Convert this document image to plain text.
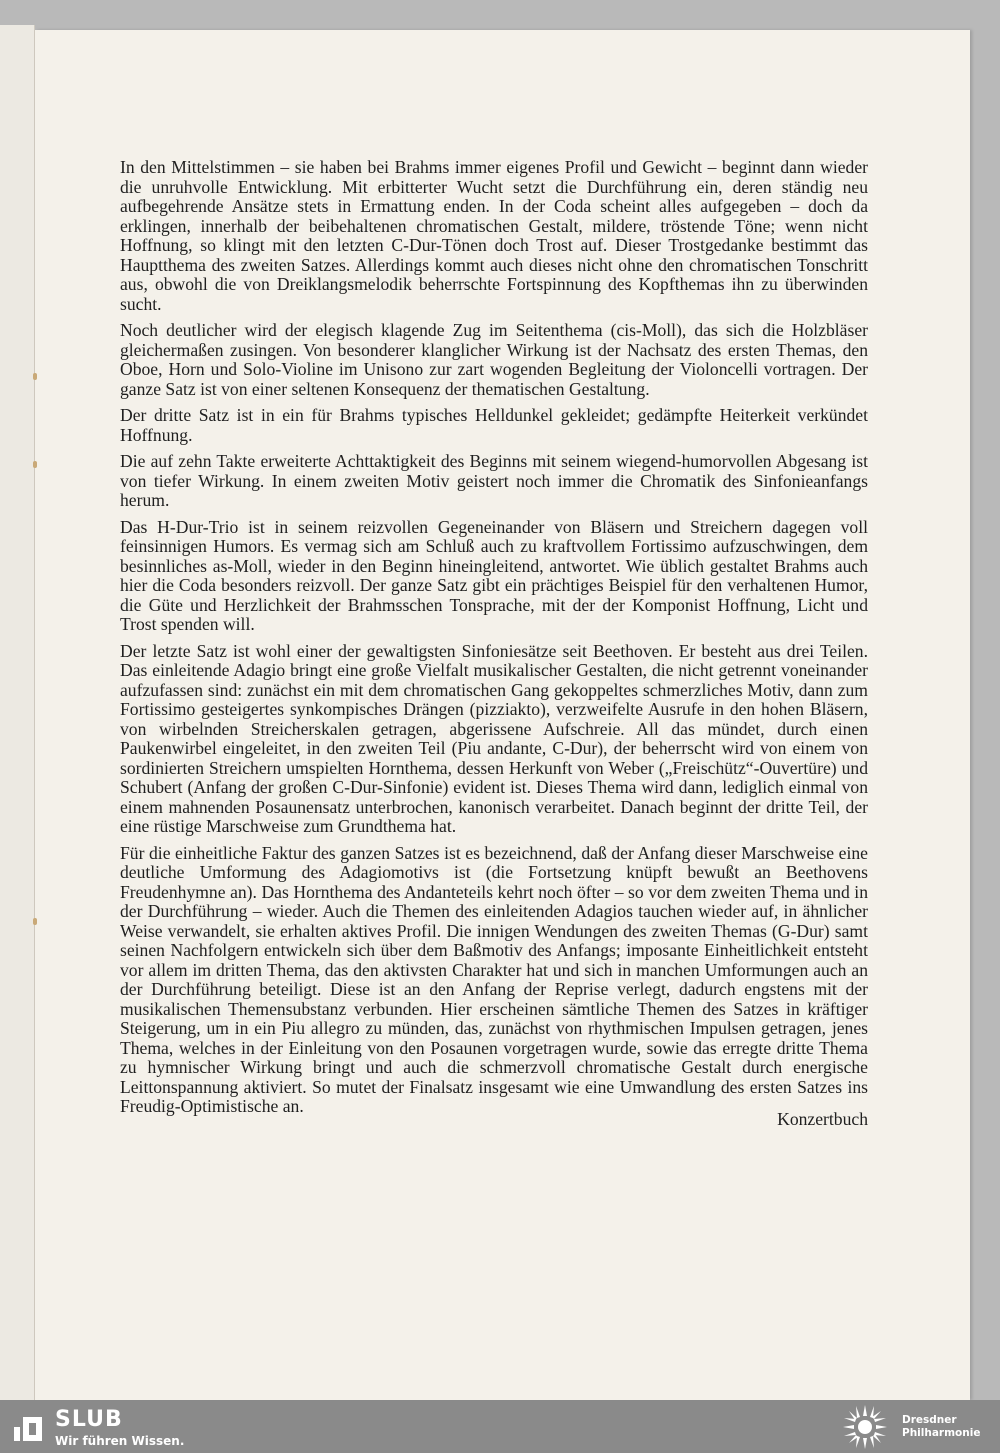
In den Mittelstimmen – sie haben bei Brahms immer eigenes Profil und Gewicht – beginnt dann wieder die unruhvolle Entwicklung. Mit erbitterter Wucht setzt die Durchführung ein, deren ständig neu aufbegehrende Ansätze stets in Ermattung enden. In der Coda scheint alles aufgegeben – doch da erklingen, innerhalb der beibehaltenen chromatischen Gestalt, mildere, tröstende Töne; wenn nicht Hoffnung, so klingt mit den letzten C-Dur-Tönen doch Trost auf. Dieser Trostgedanke bestimmt das Hauptthema des zweiten Satzes. Allerdings kommt auch dieses nicht ohne den chromatischen Tonschritt aus, obwohl die von Dreiklangsmelodik beherrschte Fortspinnung des Kopfthemas ihn zu überwinden sucht.

Noch deutlicher wird der elegisch klagende Zug im Seitenthema (cis-Moll), das sich die Holzbläser gleichermaßen zusingen. Von besonderer klanglicher Wirkung ist der Nachsatz des ersten Themas, den Oboe, Horn und Solo-Violine im Unisono zur zart wogenden Begleitung der Violoncelli vortragen. Der ganze Satz ist von einer seltenen Konsequenz der thematischen Gestaltung.

Der dritte Satz ist in ein für Brahms typisches Helldunkel gekleidet; gedämpfte Heiterkeit verkündet Hoffnung.

Die auf zehn Takte erweiterte Achttaktigkeit des Beginns mit seinem wiegend-humorvollen Abgesang ist von tiefer Wirkung. In einem zweiten Motiv geistert noch immer die Chromatik des Sinfonieanfangs herum.

Das H-Dur-Trio ist in seinem reizvollen Gegeneinander von Bläsern und Streichern dagegen voll feinsinnigen Humors. Es vermag sich am Schluß auch zu kraftvollem Fortissimo aufzuschwingen, dem besinnliches as-Moll, wieder in den Beginn hineingleitend, antwortet. Wie üblich gestaltet Brahms auch hier die Coda besonders reizvoll. Der ganze Satz gibt ein prächtiges Beispiel für den verhaltenen Humor, die Güte und Herzlichkeit der Brahmsschen Tonsprache, mit der der Komponist Hoffnung, Licht und Trost spenden will.

Der letzte Satz ist wohl einer der gewaltigsten Sinfoniesätze seit Beethoven. Er besteht aus drei Teilen. Das einleitende Adagio bringt eine große Vielfalt musikalischer Gestalten, die nicht getrennt voneinander aufzufassen sind: zunächst ein mit dem chromatischen Gang gekoppeltes schmerzliches Motiv, dann zum Fortissimo gesteigertes synkompisches Drängen (pizziakto), verzweifelte Ausrufe in den hohen Bläsern, von wirbelnden Streicherskalen getragen, abgerissene Aufschreie. All das mündet, durch einen Paukenwirbel eingeleitet, in den zweiten Teil (Piu andante, C-Dur), der beherrscht wird von einem von sordinierten Streichern umspielten Hornthema, dessen Herkunft von Weber („Freischütz“-Ouvertüre) und Schubert (Anfang der großen C-Dur-Sinfonie) evident ist. Dieses Thema wird dann, lediglich einmal von einem mahnenden Posaunensatz unterbrochen, kanonisch verarbeitet. Danach beginnt der dritte Teil, der eine rüstige Marschweise zum Grundthema hat.

Für die einheitliche Faktur des ganzen Satzes ist es bezeichnend, daß der Anfang dieser Marschweise eine deutliche Umformung des Adagiomotivs ist (die Fortsetzung knüpft bewußt an Beethovens Freudenhymne an). Das Hornthema des Andanteteils kehrt noch öfter – so vor dem zweiten Thema und in der Durchführung – wieder. Auch die Themen des einleitenden Adagios tauchen wieder auf, in ähnlicher Weise verwandelt, sie erhalten aktives Profil. Die innigen Wendungen des zweiten Themas (G-Dur) samt seinen Nachfolgern entwickeln sich über dem Baßmotiv des Anfangs; imposante Einheitlichkeit entsteht vor allem im dritten Thema, das den aktivsten Charakter hat und sich in manchen Umformungen auch an der Durchführung beteiligt. Diese ist an den Anfang der Reprise verlegt, dadurch engstens mit der musikalischen Themensubstanz verbunden. Hier erscheinen sämtliche Themen des Satzes in kräftiger Steigerung, um in ein Piu allegro zu münden, das, zunächst von rhythmischen Impulsen getragen, jenes Thema, welches in der Einleitung von den Posaunen vorgetragen wurde, sowie das erregte dritte Thema zu hymnischer Wirkung bringt und auch die schmerzvoll chromatische Gestalt durch energische Leittonspannung aktiviert. So mutet der Finalsatz insgesamt wie eine Umwandlung des ersten Satzes ins Freudig-Optimistische an.

Konzertbuch
SLUB
Wir führen Wissen.
Dresdner
Philharmonie
